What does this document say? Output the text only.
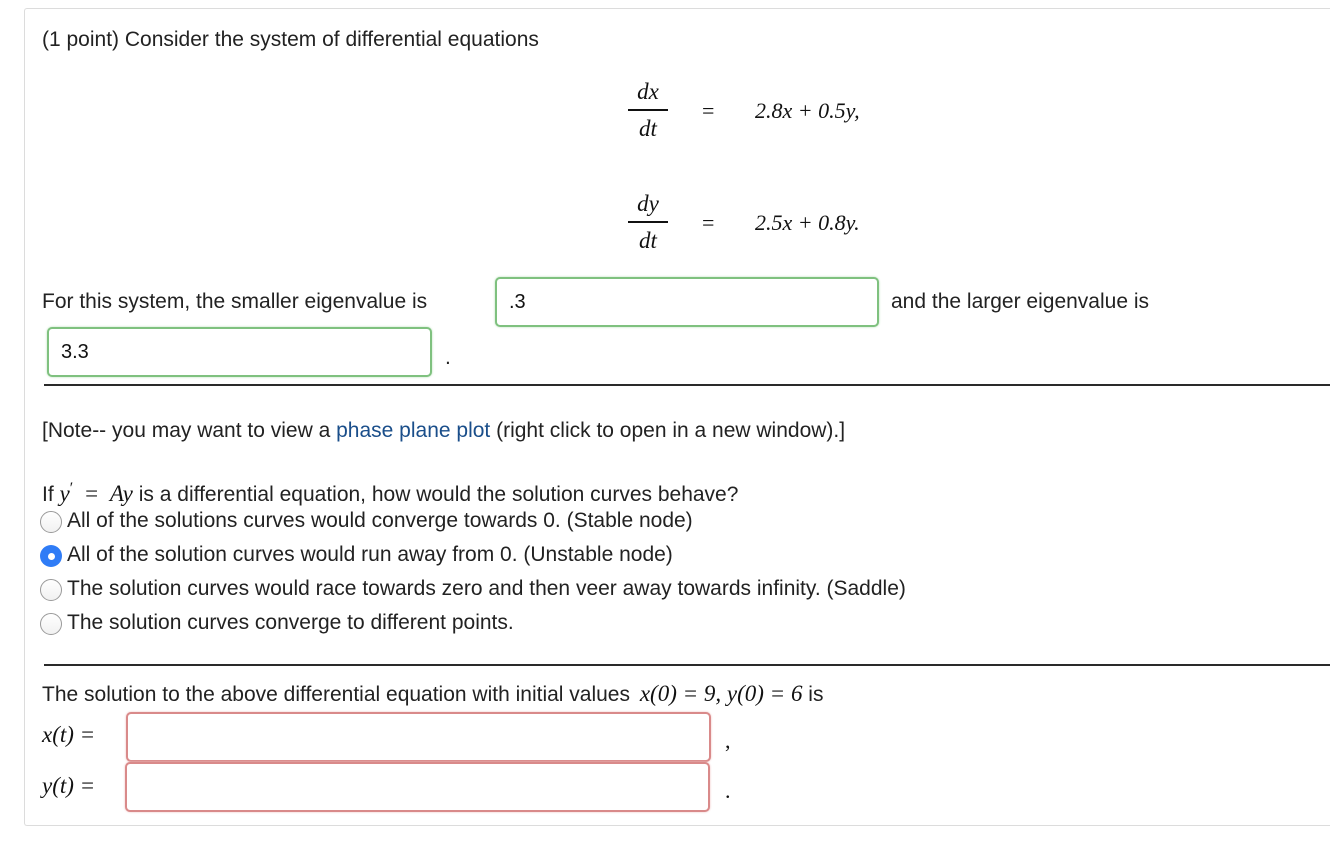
(1 point) Consider the system of differential equations
dx
dt
= 2.8x + 0.5y,
dy
dt
= 2.5x + 0.8y.
For this system, the smaller eigenvalue is
.3	and the larger eigenvalue is
3.3
.
[Note-- you may want to view a phase plane plot (right click to open in a new window).]
If y′ = Ay is a differential equation, how would the solution curves behave?
All of the solutions curves would converge towards 0. (Stable node)
All of the solution curves would run away from 0. (Unstable node)
The solution curves would race towards zero and then veer away towards infinity. (Saddle)
The solution curves converge to different points.
The solution to the above differential equation with initial values x(0) = 9, y(0) = 6 is
x(t) =	,
y(t) =	.
